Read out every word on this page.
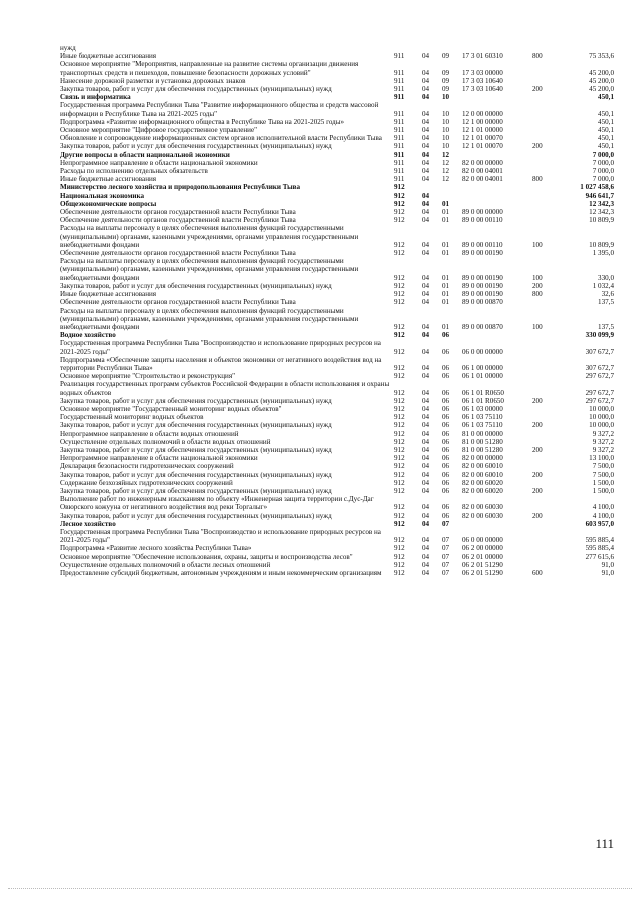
нужд						
Иные бюджетные ассигнования	911	04	09	17 3 01 60310	800	75 353,6
Основное мероприятие "Мероприятия, направленные на развитие системы организации движения транспортных средств и пешеходов, повышение безопасности дорожных условий"	911	04	09	17 3 03 00000		45 200,0
Нанесение дорожной разметки и установка дорожных знаков	911	04	09	17 3 03 10640		45 200,0
Закупка товаров, работ и услуг для обеспечения государственных (муниципальных) нужд	911	04	09	17 3 03 10640	200	45 200,0
Связь и информатика	911	04	10			450,1
Государственная программа Республики Тыва "Развитие информационного общества и средств массовой информации в Республике Тыва на 2021-2025 годы"	911	04	10	12 0 00 00000		450,1
Подпрограмма «Развитие информационного общества в Республике Тыва на 2021-2025 годы»	911	04	10	12 1 00 00000		450,1
Основное мероприятие "Цифровое государственное управление"	911	04	10	12 1 01 00000		450,1
Обновление и сопровождение информационных систем органов исполнительной власти Республики Тыва	911	04	10	12 1 01 00070		450,1
Закупка товаров, работ и услуг для обеспечения государственных (муниципальных) нужд	911	04	10	12 1 01 00070	200	450,1
Другие вопросы в области национальной экономики	911	04	12			7 000,0
Непрограммное направление в области национальной экономики	911	04	12	82 0 00 00000		7 000,0
Расходы по исполнению отдельных обязательств	911	04	12	82 0 00 04001		7 000,0
Иные бюджетные ассигнования	911	04	12	82 0 00 04001	800	7 000,0
Министерство лесного хозяйства и природопользования Республики Тыва	912					1 027 458,6
Национальная экономика	912	04				946 641,7
Общеэкономические вопросы	912	04	01			12 342,3
Обеспечение деятельности органов государственной власти Республики Тыва	912	04	01	89 0 00 00000		12 342,3
Обеспечение деятельности органов государственной власти Республики Тыва	912	04	01	89 0 00 00110		10 809,9
Расходы на выплаты персоналу в целях обеспечения выполнения функций государственными (муниципальными) органами, казенными учреждениями, органами управления государственными внебюджетными фондами	912	04	01	89 0 00 00110	100	10 809,9
Обеспечение деятельности органов государственной власти Республики Тыва	912	04	01	89 0 00 00190		1 395,0
Расходы на выплаты персоналу в целях обеспечения выполнения функций государственными (муниципальными) органами, казенными учреждениями, органами управления государственными внебюджетными фондами	912	04	01	89 0 00 00190	100	330,0
Закупка товаров, работ и услуг для обеспечения государственных (муниципальных) нужд	912	04	01	89 0 00 00190	200	1 032,4
Иные бюджетные ассигнования	912	04	01	89 0 00 00190	800	32,6
Обеспечение деятельности органов государственной власти Республики Тыва	912	04	01	89 0 00 00870		137,5
Расходы на выплаты персоналу в целях обеспечения выполнения функций государственными (муниципальными) органами, казенными учреждениями, органами управления государственными внебюджетными фондами	912	04	01	89 0 00 00870	100	137,5
Водное хозяйство	912	04	06			330 099,9
Государственная программа Республики Тыва "Воспроизводство и использование природных ресурсов на 2021-2025 годы"	912	04	06	06 0 00 00000		307 672,7
Подпрограмма «Обеспечение защиты населения и объектов экономики от негативного воздействия вод на территории Республики Тыва»	912	04	06	06 1 00 00000		307 672,7
Основное мероприятие "Строительство и реконструкция"	912	04	06	06 1 01 00000		297 672,7
Реализация государственных программ субъектов Российской Федерации в области использования и охраны водных объектов	912	04	06	06 1 01 R0650		297 672,7
Закупка товаров, работ и услуг для обеспечения государственных (муниципальных) нужд	912	04	06	06 1 01 R0650	200	297 672,7
Основное мероприятие "Государственный мониторинг водных объектов"	912	04	06	06 1 03 00000		10 000,0
Государственный мониторинг водных объектов	912	04	06	06 1 03 75110		10 000,0
Закупка товаров, работ и услуг для обеспечения государственных (муниципальных) нужд	912	04	06	06 1 03 75110	200	10 000,0
Непрограммное направление в области водных отношений	912	04	06	81 0 00 00000		9 327,2
Осуществление отдельных полномочий в области водных отношений	912	04	06	81 0 00 51280		9 327,2
Закупка товаров, работ и услуг для обеспечения государственных (муниципальных) нужд	912	04	06	81 0 00 51280	200	9 327,2
Непрограммное направление в области национальной экономики	912	04	06	82 0 00 00000		13 100,0
Декларация безопасности гидротехнических сооружений	912	04	06	82 0 00 60010		7 500,0
Закупка товаров, работ и услуг для обеспечения государственных (муниципальных) нужд	912	04	06	82 0 00 60010	200	7 500,0
Содержание безхозяйных гидротехнических сооружений	912	04	06	82 0 00 60020		1 500,0
Закупка товаров, работ и услуг для обеспечения государственных (муниципальных) нужд	912	04	06	82 0 00 60020	200	1 500,0
Выполнение работ по инженерным изысканиям по объекту «Инженерная защита территории с.Дус-Даг Овюрского кожууна от негативного воздействия вод реки Торгалыг»	912	04	06	82 0 00 60030		4 100,0
Закупка товаров, работ и услуг для обеспечения государственных (муниципальных) нужд	912	04	06	82 0 00 60030	200	4 100,0
Лесное хозяйство	912	04	07			603 957,0
Государственная программа Республики Тыва "Воспроизводство и использование природных ресурсов на 2021-2025 годы"	912	04	07	06 0 00 00000		595 885,4
Подпрограмма «Развитие лесного хозяйства Республики Тыва»	912	04	07	06 2 00 00000		595 885,4
Основное мероприятие "Обеспечение использования, охраны, защиты и воспроизводства лесов"	912	04	07	06 2 01 00000		277 615,6
Осуществление отдельных полномочий в области лесных отношений	912	04	07	06 2 01 51290		91,0
Предоставление субсидий бюджетным, автономным учреждениям и иным некоммерческим организациям	912	04	07	06 2 01 51290	600	91,0
111
